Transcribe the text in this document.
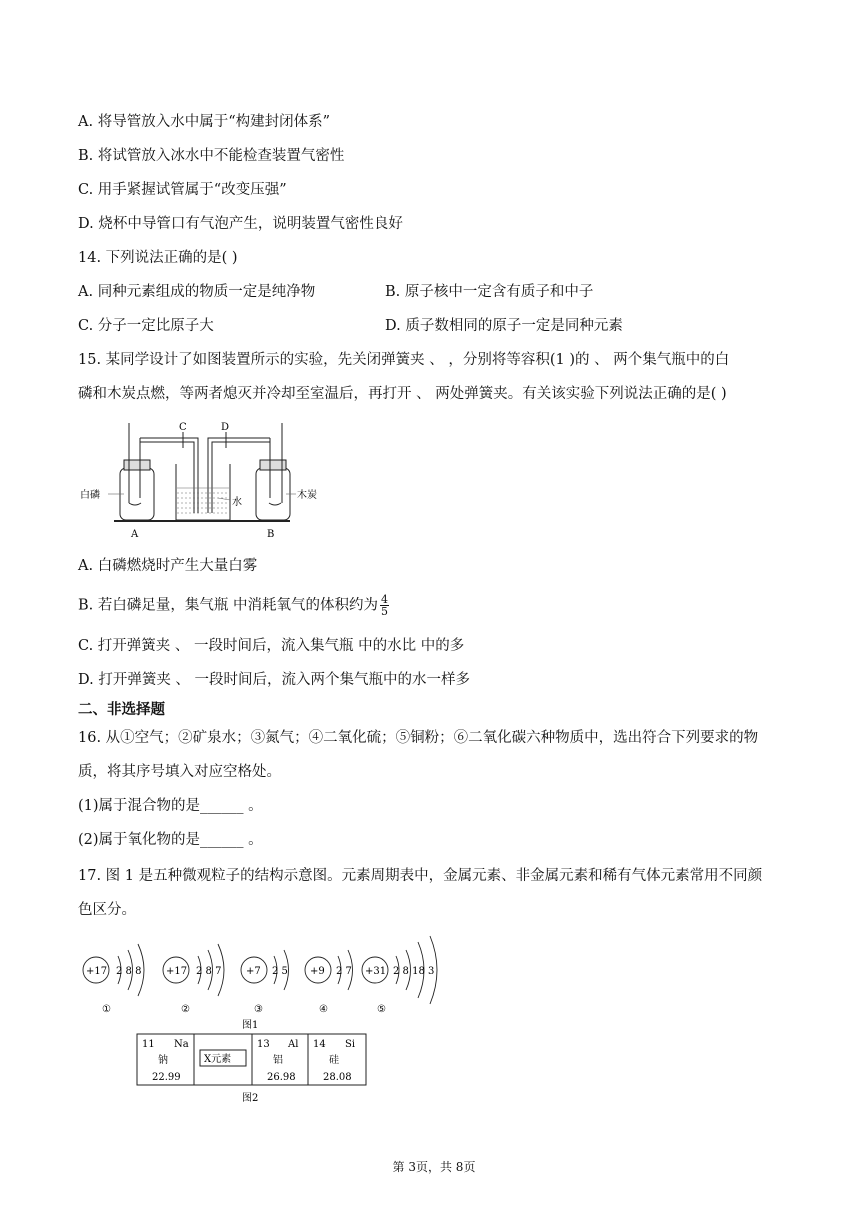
A. 将导管放入水中属于“构建封闭体系”
B. 将试管放入冰水中不能检查装置气密性
C. 用手紧握试管属于“改变压强”
D. 烧杯中导管口有气泡产生，说明装置气密性良好
14. 下列说法正确的是( )
A. 同种元素组成的物质一定是纯净物	B. 原子核中一定含有质子和中子
C. 分子一定比原子大	D. 质子数相同的原子一定是同种元素
15. 某同学设计了如图装置所示的实验，先关闭弹簧夹 、 ，分别将等容积(1 )的 、 两个集气瓶中的白
磷和木炭点燃，等两者熄灭并冷却至室温后，再打开 、 两处弹簧夹。有关该实验下列说法正确的是( )
C	D
白磷
水
木炭
A	B
A. 白磷燃烧时产生大量白雾
B. 若白磷足量，集气瓶 中消耗氧气的体积约为 $\frac{4}{5}$
C. 打开弹簧夹 、 一段时间后，流入集气瓶 中的水比 中的多
D. 打开弹簧夹 、 一段时间后，流入两个集气瓶中的水一样多
二、非选择题
16. 从①空气；②矿泉水；③氮气；④二氧化硫；⑤铜粉；⑥二氧化碳六种物质中，选出符合下列要求的物
质，将其序号填入对应空格处。
(1)属于混合物的是______ 。
(2)属于氧化物的是______ 。
17. 图 1 是五种微观粒子的结构示意图。元素周期表中，金属元素、非金属元素和稀有气体元素常用不同颜
色区分。
+17 2 8 8
①
+17 2 8 7
②
+7 2 5
③
+9 2 7
④
+31 2 8 18 3
⑤
图1
11 Na
钠
22.99
X元素
13 Al
铝
26.98
14 Si
硅
28.08
图2
第 3页，共 8页
